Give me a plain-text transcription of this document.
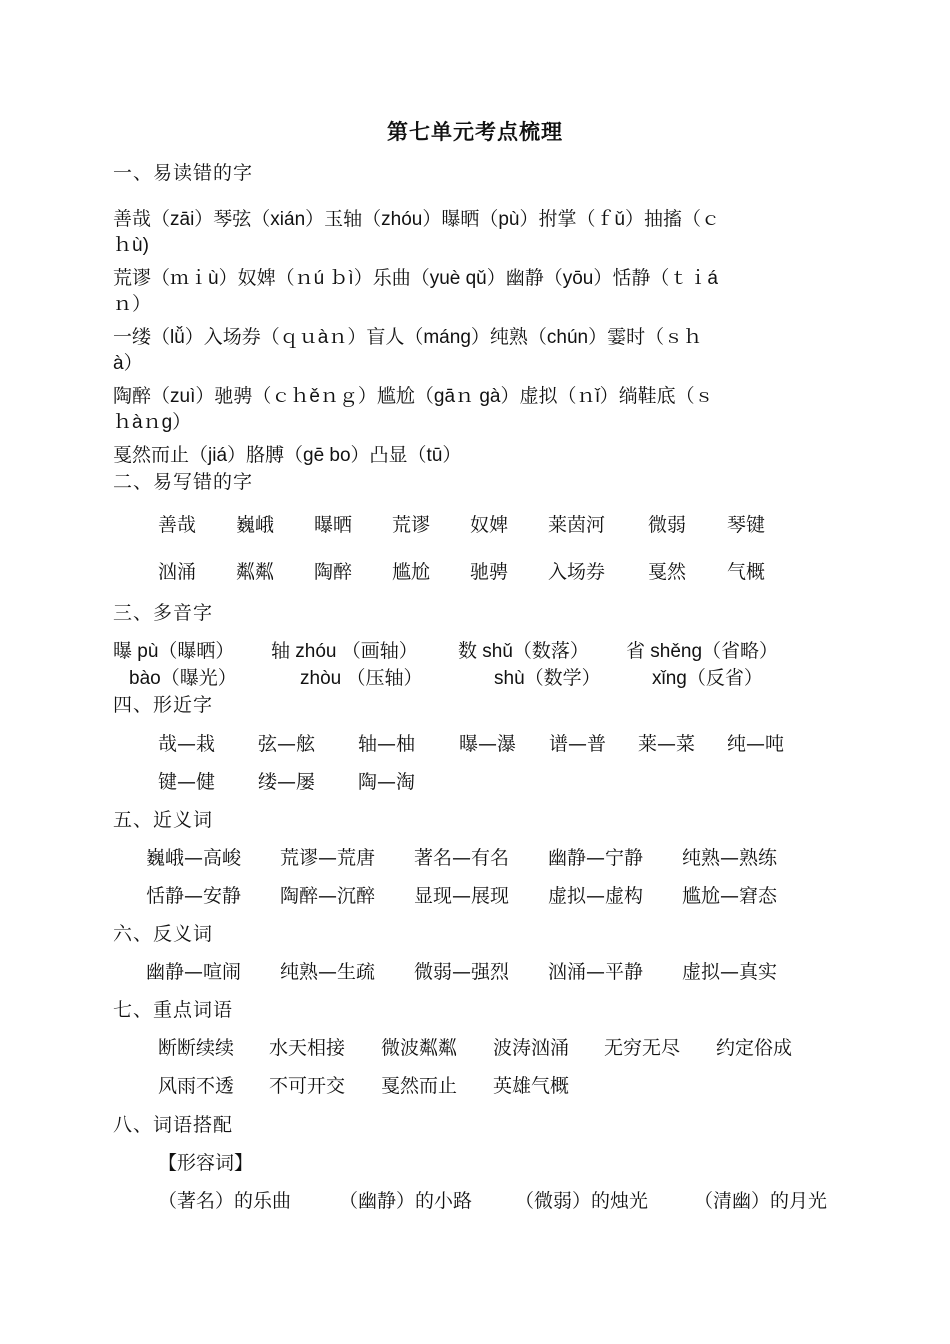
第七单元考点梳理
一、易读错的字
善哉（zāi）琴弦（xián）玉轴（zhóu）曝晒（pù）拊掌（ｆǔ）抽搐（ｃ
ｈù)
荒谬（ｍｉù）奴婢（ｎú ｂì）乐曲（yuè qǔ）幽静（yōu）恬静（ｔｉá
ｎ）
一缕（lǚ）入场券（ｑｕàｎ）盲人（máng）纯熟（chún）霎时（ｓｈ
à）
陶醉（zuì）驰骋（ｃｈěｎｇ）尴尬（gāｎ gà）虚拟（ｎǐ）绱鞋底（ｓ
ｈàｎg）
戛然而止（jiá）胳膊（gē bo）凸显（tū）
二、易写错的字
善哉 巍峨 曝晒 荒谬 奴婢 莱茵河 微弱 琴键
汹涌 粼粼 陶醉 尴尬 驰骋 入场券 戛然 气概
三、多音字
曝 pù（曝晒） 轴 zhóu （画轴） 数 shǔ（数落） 省 shěng（省略）
bào（曝光）	zhòu （压轴）	shù（数学）	xǐng（反省）
四、形近字
哉—栽 弦—舷 轴—柚 曝—瀑 谱—普 莱—菜 纯—吨
键—健 缕—屡 陶—淘
五、近义词
巍峨—高峻 荒谬—荒唐 著名—有名 幽静—宁静 纯熟—熟练
恬静—安静 陶醉—沉醉 显现—展现 虚拟—虚构 尴尬—窘态
六、反义词
幽静—喧闹 纯熟—生疏 微弱—强烈 汹涌—平静 虚拟—真实
七、重点词语
断断续续 水天相接 微波粼粼 波涛汹涌 无穷无尽 约定俗成
风雨不透 不可开交 戛然而止 英雄气概
八、词语搭配
【形容词】
（著名）的乐曲	（幽静）的小路 （微弱）的烛光 （清幽）的月光
